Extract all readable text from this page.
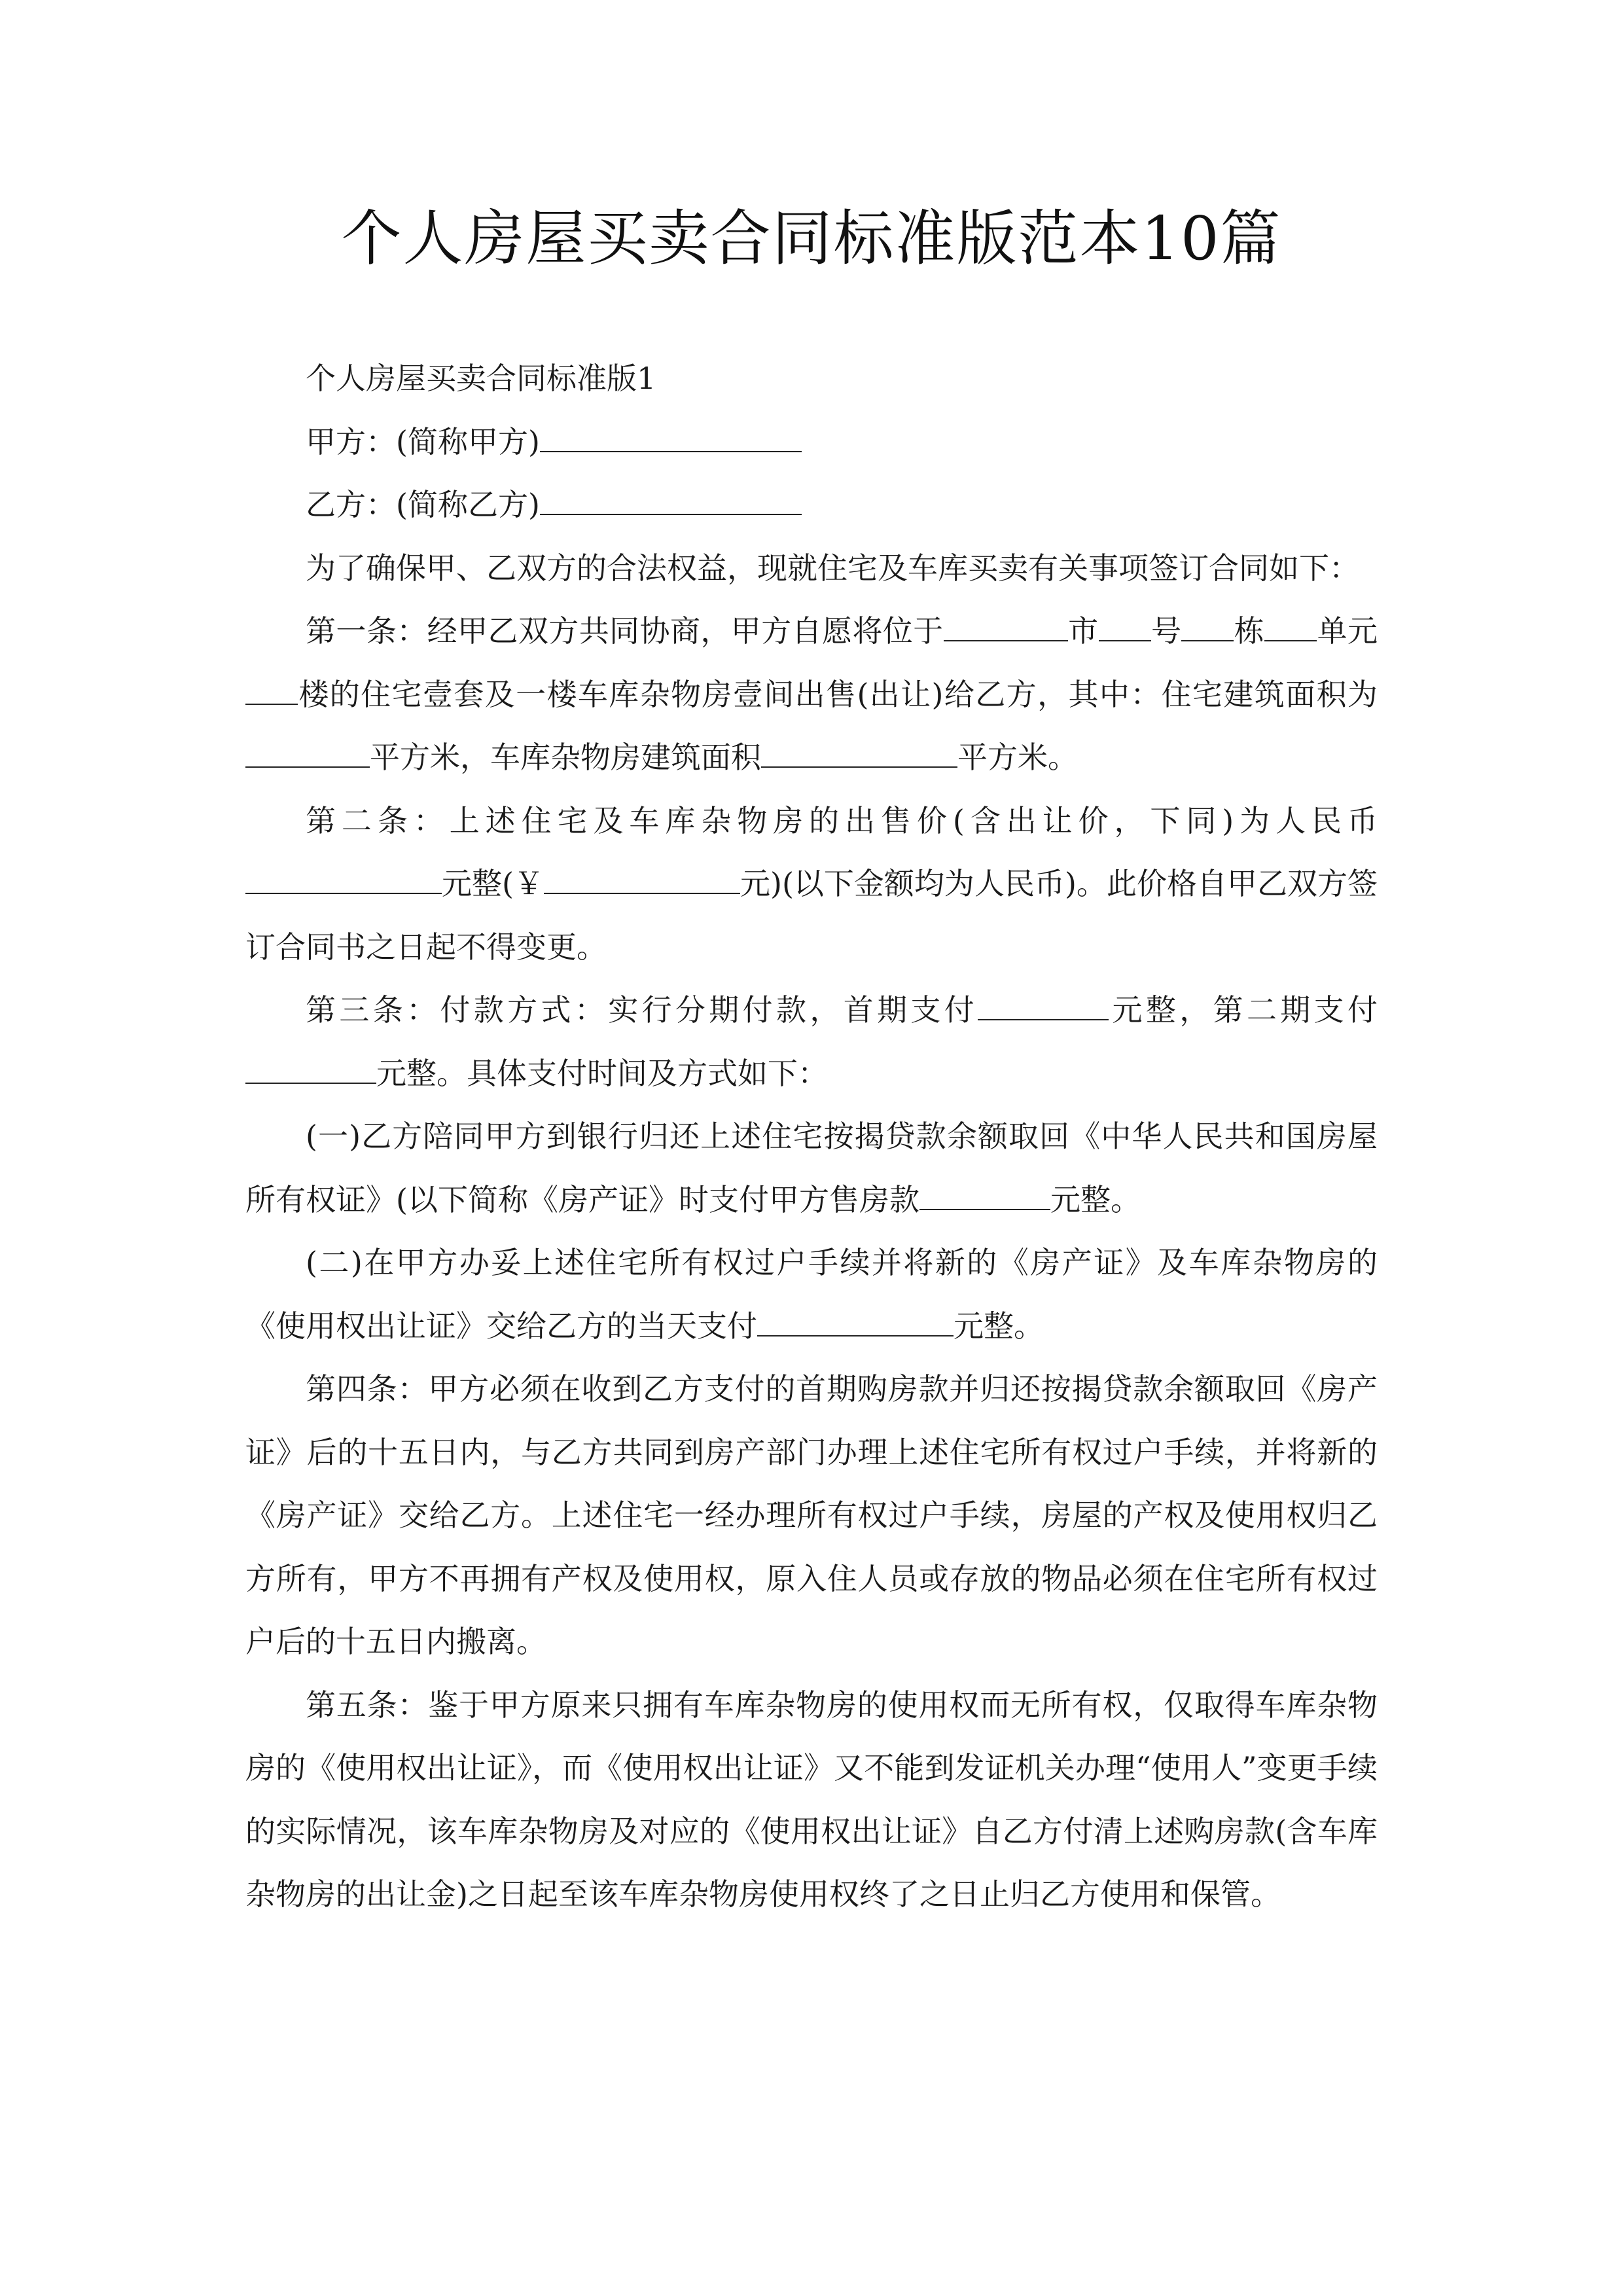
个人房屋买卖合同标准版范本10篇

个人房屋买卖合同标准版1

甲方：(简称甲方)

乙方：(简称乙方)

为了确保甲、乙双方的合法权益，现就住宅及车库买卖有关事项签订合同如下：

第一条：经甲乙双方共同协商，甲方自愿将位于	市 号 栋 单元楼的住宅壹套及一楼车库杂物房壹间出售(出让)给乙方，其中：住宅建筑面积为平方米，车库杂物房建筑面积	平方米。

第二条：上述住宅及车库杂物房的出售价(含出让价，下同)为人民币元整(￥	元)(以下金额均为人民币)。此价格自甲乙双方签订合同书之日起不得变更。

第三条：付款方式：实行分期付款，首期支付	元整，第二期支付元整。具体支付时间及方式如下：

(一)乙方陪同甲方到银行归还上述住宅按揭贷款余额取回《中华人民共和国房屋所有权证》(以下简称《房产证》时支付甲方售房款	元整。

(二)在甲方办妥上述住宅所有权过户手续并将新的《房产证》及车库杂物房的《使用权出让证》交给乙方的当天支付	元整。

第四条：甲方必须在收到乙方支付的首期购房款并归还按揭贷款余额取回《房产证》后的十五日内，与乙方共同到房产部门办理上述住宅所有权过户手续，并将新的《房产证》交给乙方。上述住宅一经办理所有权过户手续，房屋的产权及使用权归乙方所有，甲方不再拥有产权及使用权，原入住人员或存放的物品必须在住宅所有权过户后的十五日内搬离。

第五条：鉴于甲方原来只拥有车库杂物房的使用权而无所有权，仅取得车库杂物房的《使用权出让证》，而《使用权出让证》又不能到发证机关办理“使用人”变更手续的实际情况，该车库杂物房及对应的《使用权出让证》自乙方付清上述购房款(含车库杂物房的出让金)之日起至该车库杂物房使用权终了之日止归乙方使用和保管。
